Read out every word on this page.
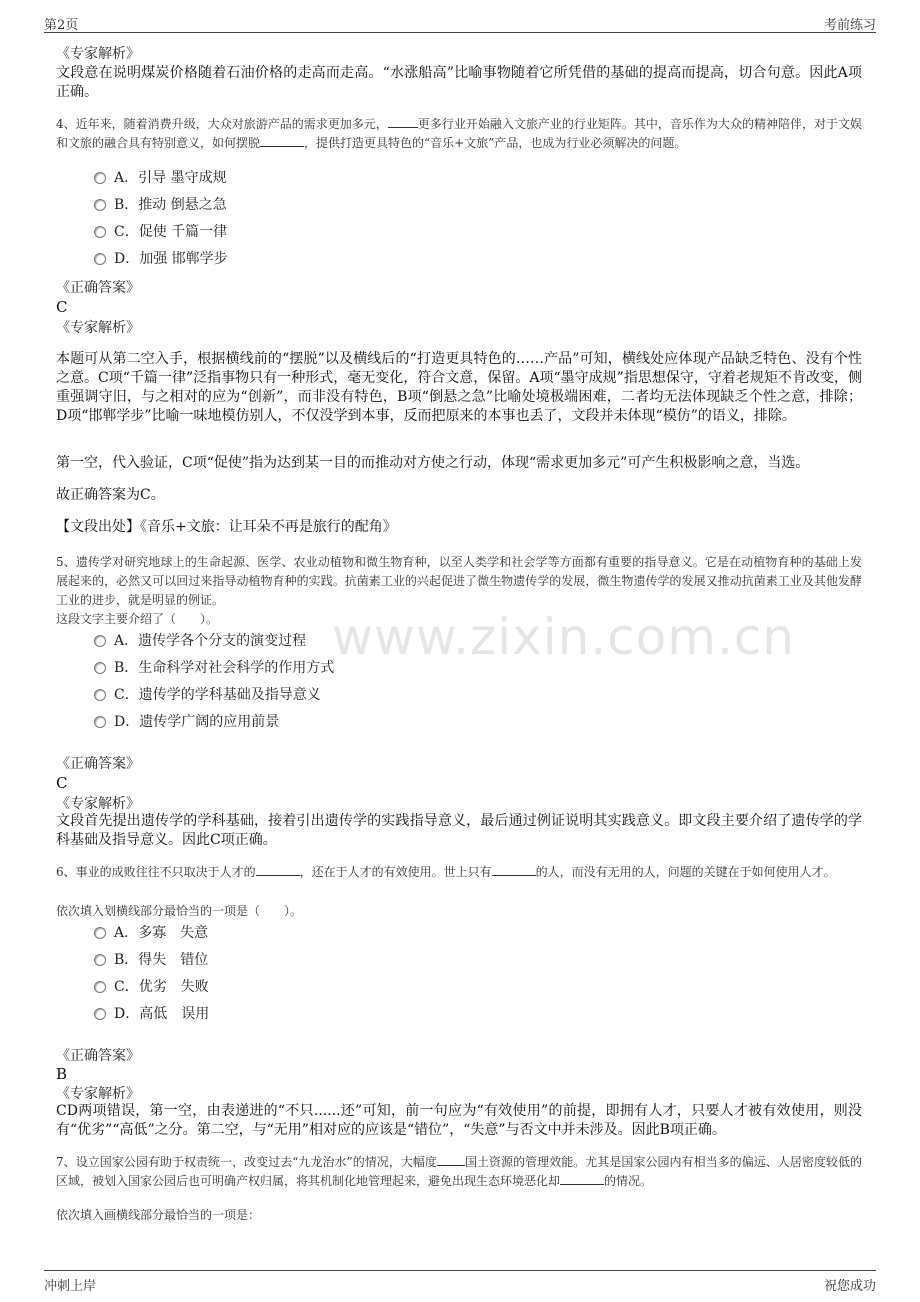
第2页	考前练习
www.zixin.com.cn
《专家解析》
文段意在说明煤炭价格随着石油价格的走高而走高。“水涨船高”比喻事物随着它所凭借的基础的提高而提高，切合句意。因此A项正确。
4、近年来，随着消费升级，大众对旅游产品的需求更加多元，	更多行业开始融入文旅产业的行业矩阵。其中，音乐作为大众的精神陪伴，对于文娱和文旅的融合具有特别意义，如何摆脱	，提供打造更具特色的“音乐+文旅”产品，也成为行业必须解决的问题。
A．引导 墨守成规
B．推动 倒悬之急
C．促使 千篇一律
D．加强 邯郸学步
《正确答案》
C
《专家解析》
本题可从第二空入手，根据横线前的“摆脱”以及横线后的“打造更具特色的……产品”可知，横线处应体现产品缺乏特色、没有个性之意。C项“千篇一律”泛指事物只有一种形式，毫无变化，符合文意，保留。A项“墨守成规”指思想保守，守着老规矩不肯改变，侧重强调守旧，与之相对的应为“创新”，而非没有特色，B项“倒悬之急”比喻处境极端困难，二者均无法体现缺乏个性之意，排除；D项“邯郸学步”比喻一味地模仿别人，不仅没学到本事，反而把原来的本事也丢了，文段并未体现“模仿”的语义，排除。
第一空，代入验证，C项“促使”指为达到某一目的而推动对方使之行动，体现“需求更加多元”可产生积极影响之意，当选。
故正确答案为C。
【文段出处】《音乐+文旅：让耳朵不再是旅行的配角》
5、遗传学对研究地球上的生命起源、医学、农业动植物和微生物育种，以至人类学和社会学等方面都有重要的指导意义。它是在动植物育种的基础上发展起来的，必然又可以回过来指导动植物育种的实践。抗菌素工业的兴起促进了微生物遗传学的发展，微生物遗传学的发展又推动抗菌素工业及其他发酵工业的进步，就是明显的例证。
这段文字主要介绍了（　　）。
A．遗传学各个分支的演变过程
B．生命科学对社会科学的作用方式
C．遗传学的学科基础及指导意义
D．遗传学广阔的应用前景
《正确答案》
C
《专家解析》
文段首先提出遗传学的学科基础，接着引出遗传学的实践指导意义，最后通过例证说明其实践意义。即文段主要介绍了遗传学的学科基础及指导意义。因此C项正确。
6、事业的成败往往不只取决于人才的	，还在于人才的有效使用。世上只有	的人，而没有无用的人，问题的关键在于如何使用人才。
依次填入划横线部分最恰当的一项是（　　）。
A．多寡　失意
B．得失　错位
C．优劣　失败
D．高低　误用
《正确答案》
B
《专家解析》
CD两项错误，第一空，由表递进的“不只......还”可知，前一句应为“有效使用”的前提，即拥有人才，只要人才被有效使用，则没有“优劣”“高低”之分。第二空，与“无用”相对应的应该是“错位”，“失意”与否文中并未涉及。因此B项正确。
7、设立国家公园有助于权责统一，改变过去“九龙治水”的情况，大幅度 国土资源的管理效能。尤其是国家公园内有相当多的偏远、人居密度较低的区域，被划入国家公园后也可明确产权归属，将其机制化地管理起来，避免出现生态环境恶化却	的情况。
依次填入画横线部分最恰当的一项是：
冲刺上岸	祝您成功
